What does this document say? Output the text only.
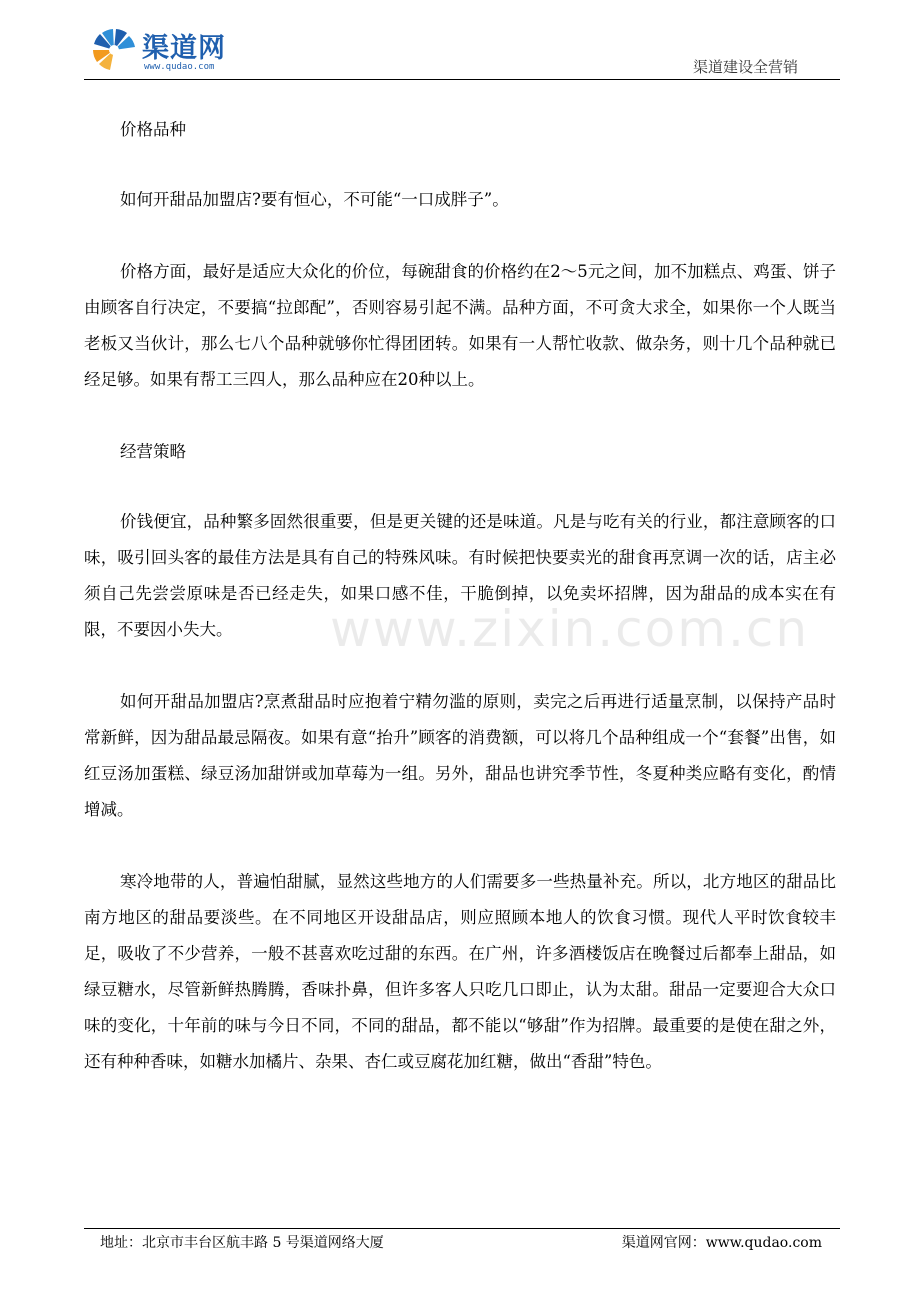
渠道网
www.qudao.com	渠道建设全营销
www.zixin.com.cn

价格品种

如何开甜品加盟店?要有恒心，不可能“一口成胖子”。

价格方面，最好是适应大众化的价位，每碗甜食的价格约在2～5元之间，加不加糕点、鸡蛋、饼子由顾客自行决定，不要搞“拉郎配”，否则容易引起不满。品种方面，不可贪大求全，如果你一个人既当老板又当伙计，那么七八个品种就够你忙得团团转。如果有一人帮忙收款、做杂务，则十几个品种就已经足够。如果有帮工三四人，那么品种应在20种以上。

经营策略

价钱便宜，品种繁多固然很重要，但是更关键的还是味道。凡是与吃有关的行业，都注意顾客的口味，吸引回头客的最佳方法是具有自己的特殊风味。有时候把快要卖光的甜食再烹调一次的话，店主必须自己先尝尝原味是否已经走失，如果口感不佳，干脆倒掉，以免卖坏招牌，因为甜品的成本实在有限，不要因小失大。

如何开甜品加盟店?烹煮甜品时应抱着宁精勿滥的原则，卖完之后再进行适量烹制，以保持产品时常新鲜，因为甜品最忌隔夜。如果有意“抬升”顾客的消费额，可以将几个品种组成一个“套餐”出售，如红豆汤加蛋糕、绿豆汤加甜饼或加草莓为一组。另外，甜品也讲究季节性，冬夏种类应略有变化，酌情增减。

寒冷地带的人，普遍怕甜腻，显然这些地方的人们需要多一些热量补充。所以，北方地区的甜品比南方地区的甜品要淡些。在不同地区开设甜品店，则应照顾本地人的饮食习惯。现代人平时饮食较丰足，吸收了不少营养，一般不甚喜欢吃过甜的东西。在广州，许多酒楼饭店在晚餐过后都奉上甜品，如绿豆糖水，尽管新鲜热腾腾，香味扑鼻，但许多客人只吃几口即止，认为太甜。甜品一定要迎合大众口味的变化，十年前的味与今日不同，不同的甜品，都不能以“够甜”作为招牌。最重要的是使在甜之外，还有种种香味，如糖水加橘片、杂果、杏仁或豆腐花加红糖，做出“香甜”特色。

地址：北京市丰台区航丰路 5 号渠道网络大厦	渠道网官网：www.qudao.com
